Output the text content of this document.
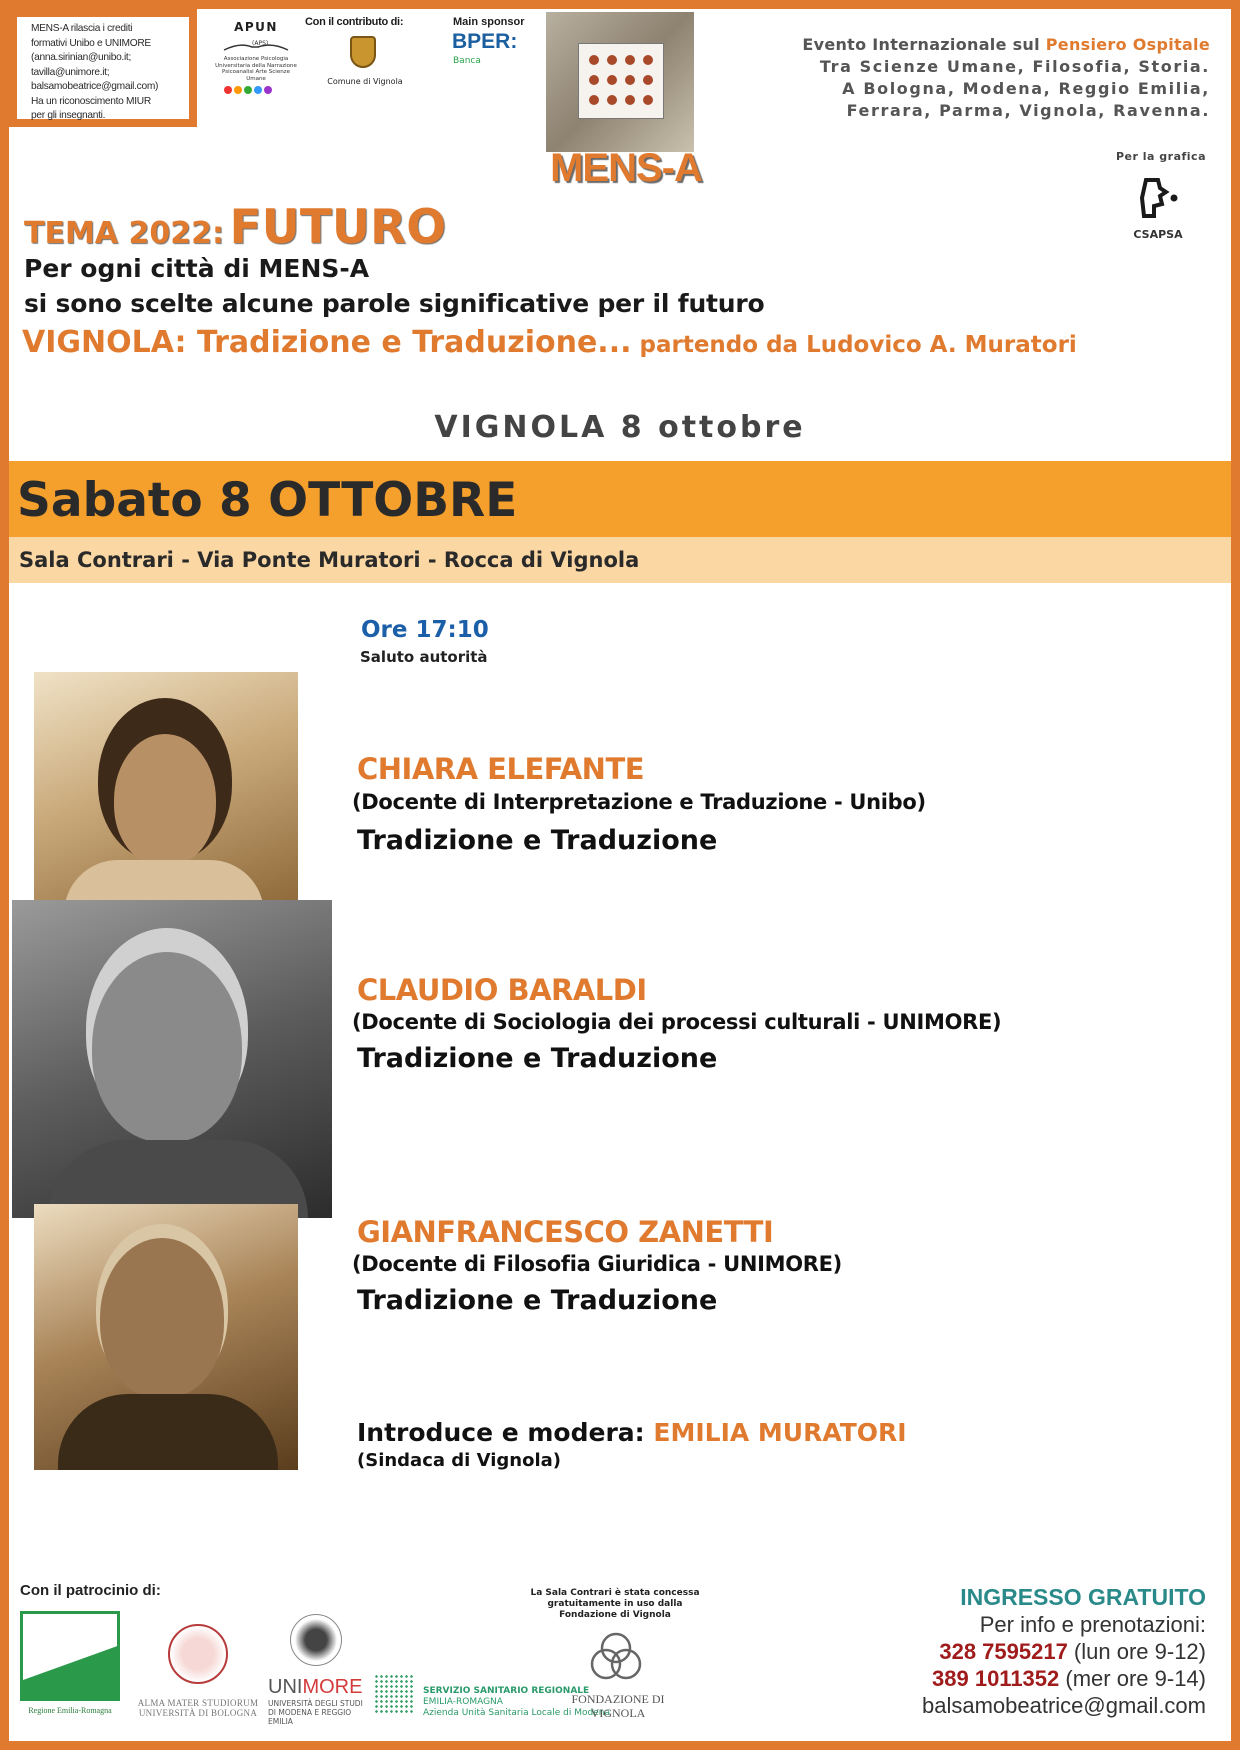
MENS-A rilascia i crediti
formativi Unibo e UNIMORE
(anna.sirinian@unibo.it;
tavilla@unimore.it;
balsamobeatrice@gmail.com)
Ha un riconoscimento MIUR
per gli insegnanti.
APUN
(APS)
Associazione Psicologia Universitaria della Narrazione Psicoanalisi Arte Scienze Umane
Con il contributo di:
Comune di Vignola
Main sponsor
BPER:
Banca
MENS-A
Evento Internazionale sul Pensiero Ospitale
Tra Scienze Umane, Filosofia, Storia.
A Bologna, Modena, Reggio Emilia,
Ferrara, Parma, Vignola, Ravenna.
Per la grafica
CSAPSA
TEMA 2022: FUTURO
Per ogni città di MENS-A
si sono scelte alcune parole significative per il futuro
VIGNOLA: Tradizione e Traduzione... partendo da Ludovico A. Muratori
VIGNOLA 8 ottobre
Sabato 8 OTTOBRE
Sala Contrari - Via Ponte Muratori - Rocca di Vignola
Ore 17:10
Saluto autorità
CHIARA ELEFANTE
(Docente di Interpretazione e Traduzione - Unibo)
Tradizione e Traduzione
CLAUDIO BARALDI
(Docente di Sociologia dei processi culturali - UNIMORE)
Tradizione e Traduzione
GIANFRANCESCO ZANETTI
(Docente di Filosofia Giuridica - UNIMORE)
Tradizione e Traduzione
Introduce e modera: EMILIA MURATORI
(Sindaca di Vignola)
Con il patrocinio di:
Regione Emilia-Romagna
ALMA MATER STUDIORUM UNIVERSITÀ DI BOLOGNA
UNIMORE
UNIVERSITÀ DEGLI STUDI DI MODENA E REGGIO EMILIA
SERVIZIO SANITARIO REGIONALE
EMILIA-ROMAGNA
Azienda Unità Sanitaria Locale di Modena
La Sala Contrari è stata concessa gratuitamente in uso dalla Fondazione di Vignola
FONDAZIONE DI VIGNOLA
INGRESSO GRATUITO
Per info e prenotazioni:
328 7595217 (lun ore 9-12)
389 1011352 (mer ore 9-14)
balsamobeatrice@gmail.com
